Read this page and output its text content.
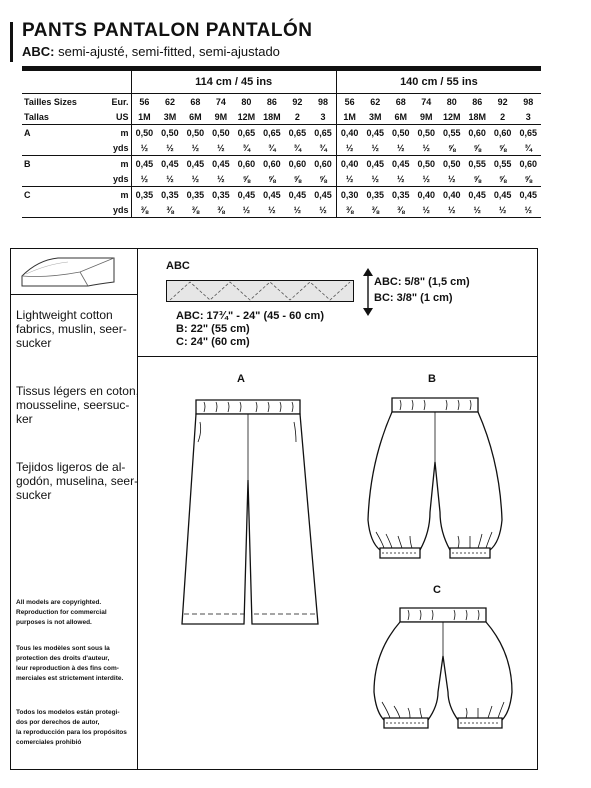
PANTS PANTALON PANTALÓN
ABC: semi-ajusté, semi-fitted, semi-ajustado
		114 cm / 45 ins								140 cm / 55 ins							
Tailles Sizes	Eur.	56	62	68	74	80	86	92	98	56	62	68	74	80	86	92	98
Tallas	US	1M	3M	6M	9M	12M	18M	2	3	1M	3M	6M	9M	12M	18M	2	3
A	m	0,50	0,50	0,50	0,50	0,65	0,65	0,65	0,65	0,40	0,45	0,50	0,50	0,55	0,60	0,60	0,65
	yds	½	½	½	½	¾	¾	¾	¾	½	½	½	½	⅝	⅝	⅝	¾
B	m	0,45	0,45	0,45	0,45	0,60	0,60	0,60	0,60	0,40	0,45	0,45	0,50	0,50	0,55	0,55	0,60
	yds	½	½	½	½	⅝	⅝	⅝	⅝	½	½	½	½	½	⅝	⅝	⅝
C	m	0,35	0,35	0,35	0,35	0,45	0,45	0,45	0,45	0,30	0,35	0,35	0,40	0,40	0,45	0,45	0,45
	yds	⅜	⅜	⅜	⅜	½	½	½	½	⅜	⅜	⅜	½	½	½	½	½
Lightweight cotton
fabrics, muslin, seer-
sucker
Tissus légers en coton,
mousseline, seersuc-
ker
Tejidos ligeros de al-
godón, muselina, seer-
sucker
All models are copyrighted.
Reproduction for commercial
purposes is not allowed.
Tous les modèles sont sous la
protection des droits d'auteur,
leur reproduction à des fins com-
merciales est strictement interdite.
Todos los modelos están protegi-
dos por derechos de autor,
la reproducción para los propósitos
comerciales prohibió
ABC
ABC: 5/8" (1,5 cm)
BC: 3/8" (1 cm)
ABC: 17¾" - 24" (45 - 60 cm)
B: 22" (55 cm)
C: 24" (60 cm)
A	B
C
